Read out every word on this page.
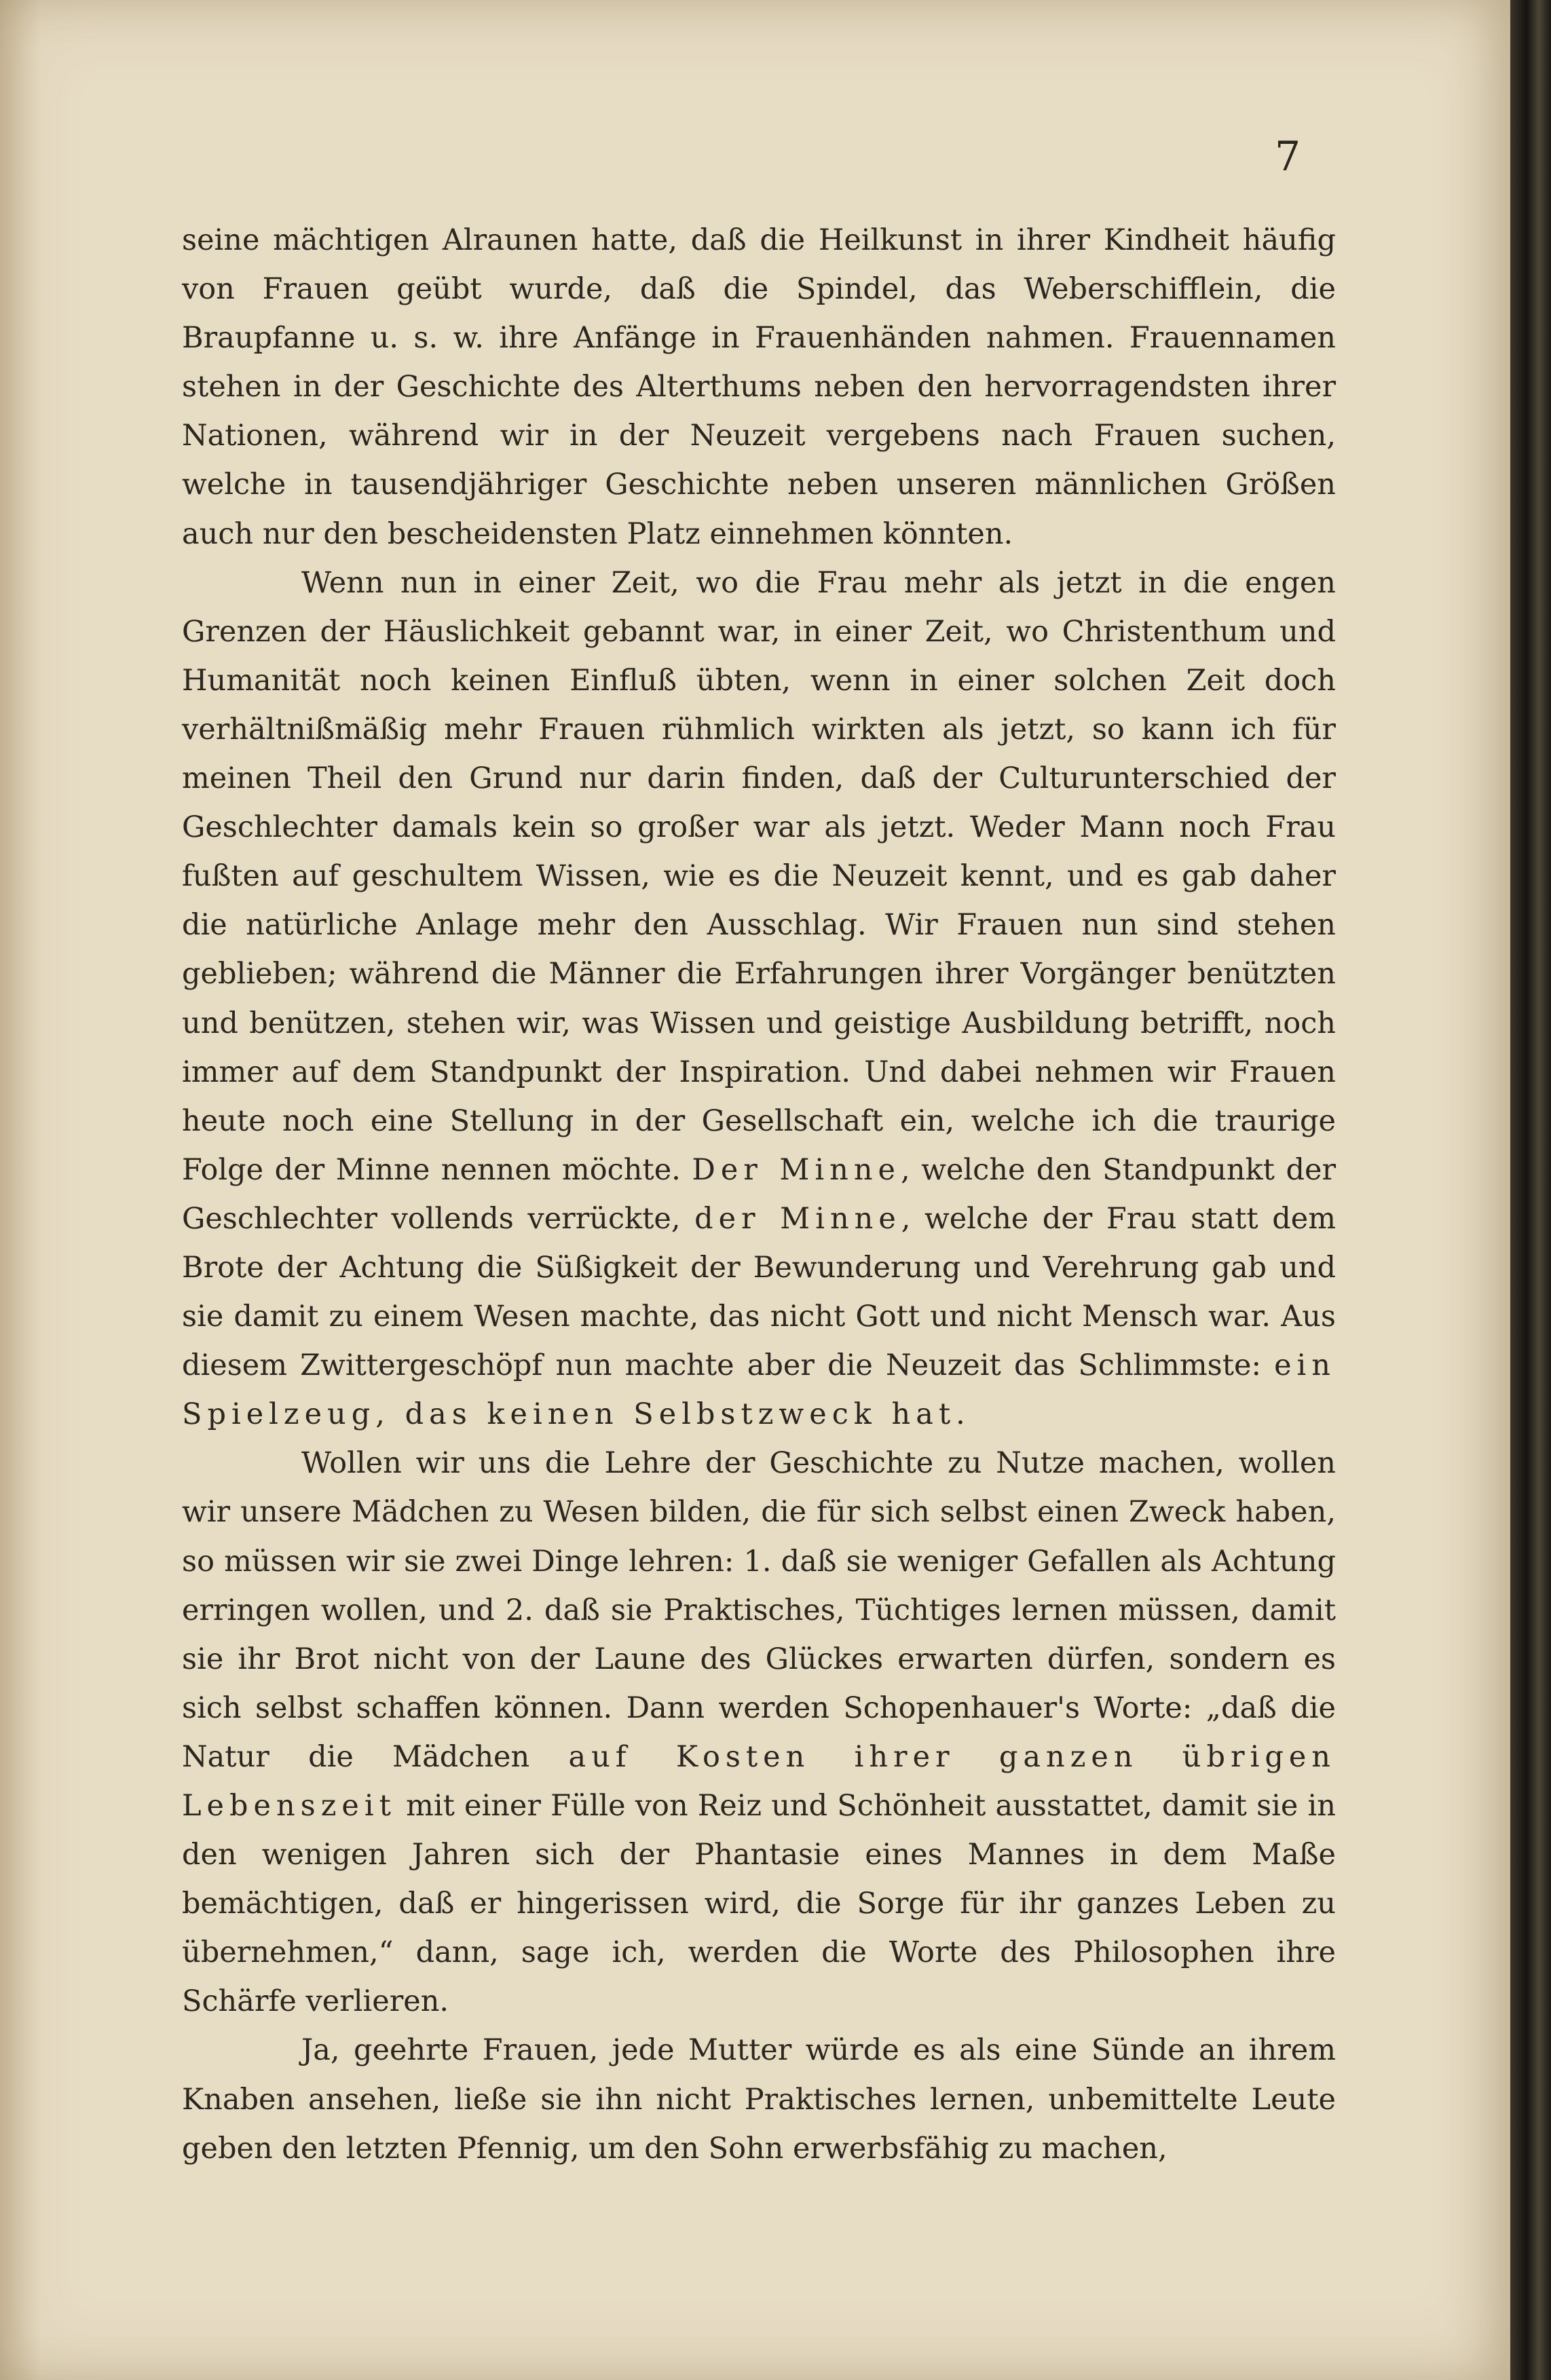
7

seine mächtigen Alraunen hatte, daß die Heilkunst in ihrer Kindheit häufig von Frauen geübt wurde, daß die Spindel, das Weberschifflein, die Braupfanne u. s. w. ihre Anfänge in Frauenhänden nahmen. Frauennamen stehen in der Geschichte des Alterthums neben den hervorragendsten ihrer Nationen, während wir in der Neuzeit vergebens nach Frauen suchen, welche in tausendjähriger Geschichte neben unseren männlichen Größen auch nur den bescheidensten Platz einnehmen könnten.

Wenn nun in einer Zeit, wo die Frau mehr als jetzt in die engen Grenzen der Häuslichkeit gebannt war, in einer Zeit, wo Christenthum und Humanität noch keinen Einfluß übten, wenn in einer solchen Zeit doch verhältnißmäßig mehr Frauen rühmlich wirkten als jetzt, so kann ich für meinen Theil den Grund nur darin finden, daß der Culturunterschied der Geschlechter damals kein so großer war als jetzt. Weder Mann noch Frau fußten auf geschultem Wissen, wie es die Neuzeit kennt, und es gab daher die natürliche Anlage mehr den Ausschlag. Wir Frauen nun sind stehen geblieben; während die Männer die Erfahrungen ihrer Vorgänger benützten und benützen, stehen wir, was Wissen und geistige Ausbildung betrifft, noch immer auf dem Standpunkt der Inspiration. Und dabei nehmen wir Frauen heute noch eine Stellung in der Gesellschaft ein, welche ich die traurige Folge der Minne nennen möchte. Der Minne, welche den Standpunkt der Geschlechter vollends verrückte, der Minne, welche der Frau statt dem Brote der Achtung die Süßigkeit der Bewunderung und Verehrung gab und sie damit zu einem Wesen machte, das nicht Gott und nicht Mensch war. Aus diesem Zwittergeschöpf nun machte aber die Neuzeit das Schlimmste: ein Spielzeug, das keinen Selbstzweck hat.

Wollen wir uns die Lehre der Geschichte zu Nutze machen, wollen wir unsere Mädchen zu Wesen bilden, die für sich selbst einen Zweck haben, so müssen wir sie zwei Dinge lehren: 1. daß sie weniger Gefallen als Achtung erringen wollen, und 2. daß sie Praktisches, Tüchtiges lernen müssen, damit sie ihr Brot nicht von der Laune des Glückes erwarten dürfen, sondern es sich selbst schaffen können. Dann werden Schopenhauer's Worte: „daß die Natur die Mädchen auf Kosten ihrer ganzen übrigen Lebenszeit mit einer Fülle von Reiz und Schönheit ausstattet, damit sie in den wenigen Jahren sich der Phantasie eines Mannes in dem Maße bemächtigen, daß er hingerissen wird, die Sorge für ihr ganzes Leben zu übernehmen,“ dann, sage ich, werden die Worte des Philosophen ihre Schärfe verlieren.

Ja, geehrte Frauen, jede Mutter würde es als eine Sünde an ihrem Knaben ansehen, ließe sie ihn nicht Praktisches lernen, unbemittelte Leute geben den letzten Pfennig, um den Sohn erwerbsfähig zu machen,
